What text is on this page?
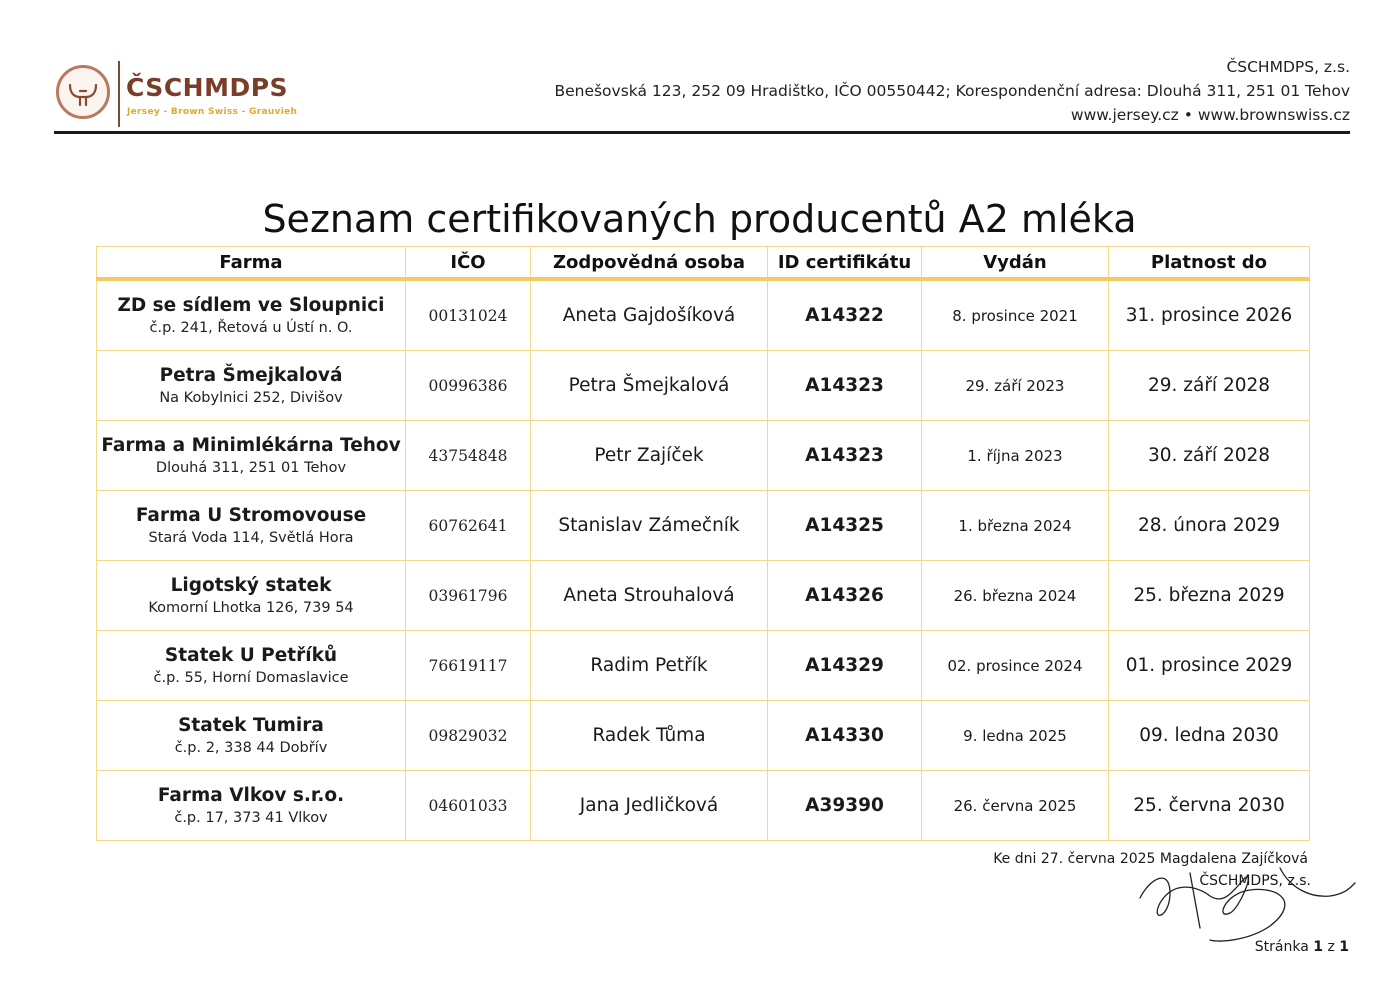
ČSCHMDPS
Jersey - Brown Swiss - Grauvieh
ČSCHMDPS, z.s.
Benešovská 123, 252 09 Hradištko, IČO 00550442; Korespondenční adresa: Dlouhá 311, 251 01 Tehov
www.jersey.cz • www.brownswiss.cz
Seznam certifikovaných producentů A2 mléka
Farma	IČO	Zodpovědná osoba	ID certifikátu	Vydán	Platnost do

ZD se sídlem ve Sloupnici
č.p. 241, Řetová u Ústí n. O.	00131024	Aneta Gajdošíková	A14322	8. prosince 2021	31. prosince 2026

Petra Šmejkalová
Na Kobylnici 252, Divišov	00996386	Petra Šmejkalová	A14323	29. září 2023	29. září 2028

Farma a Minimlékárna Tehov
Dlouhá 311, 251 01 Tehov	43754848	Petr Zajíček	A14323	1. října 2023	30. září 2028

Farma U Stromovouse
Stará Voda 114, Světlá Hora	60762641	Stanislav Zámečník	A14325	1. března 2024	28. února 2029

Ligotský statek
Komorní Lhotka 126, 739 54	03961796	Aneta Strouhalová	A14326	26. března 2024	25. března 2029

Statek U Petříků
č.p. 55, Horní Domaslavice	76619117	Radim Petřík	A14329	02. prosince 2024	01. prosince 2029

Statek Tumira
č.p. 2, 338 44 Dobřív	09829032	Radek Tůma	A14330	9. ledna 2025	09. ledna 2030

Farma Vlkov s.r.o.
č.p. 17, 373 41 Vlkov	04601033	Jana Jedličková	A39390	26. června 2025	25. června 2030
Ke dni 27. června 2025 Magdalena Zajíčková
ČSCHMDPS, z.s.
Stránka 1 z 1
